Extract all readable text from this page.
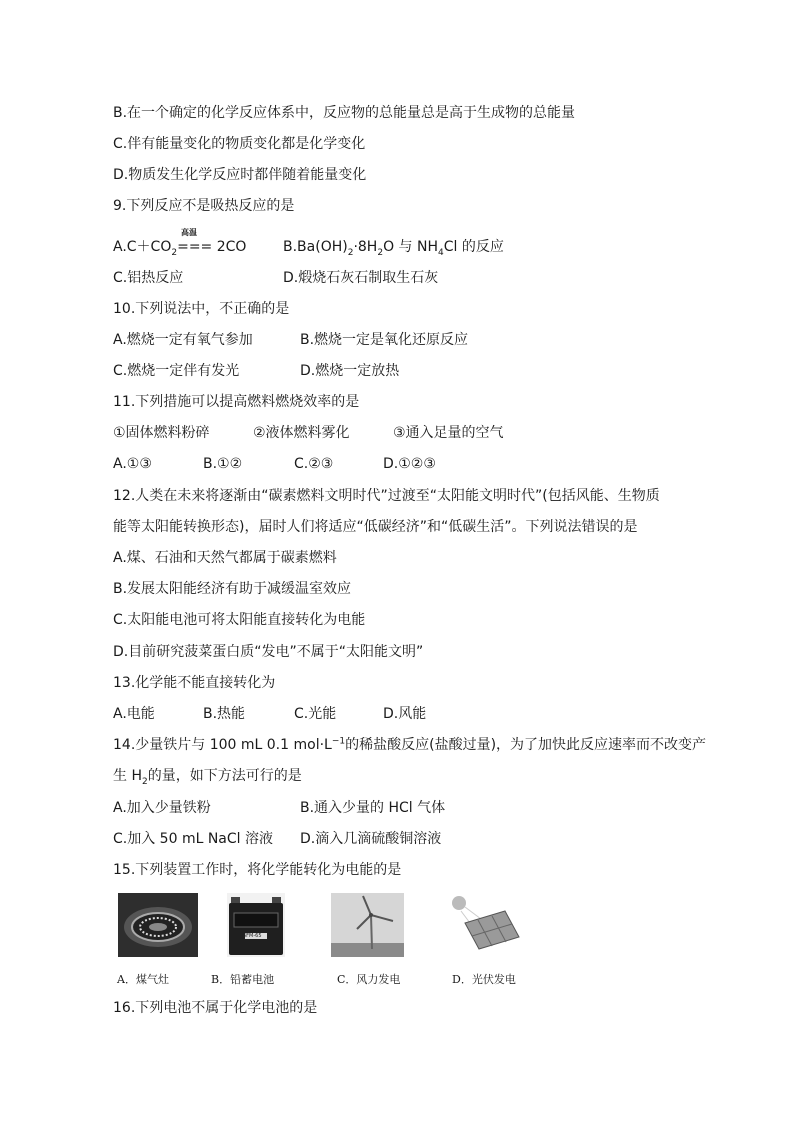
B.在一个确定的化学反应体系中，反应物的总能量总是高于生成物的总能量
C.伴有能量变化的物质变化都是化学变化
D.物质发生化学反应时都伴随着能量变化
9.下列反应不是吸热反应的是
$A.C+CO_2=== 2CO$
高温
$B.Ba(OH)_2\cdot 8H_2O$ 与 $NH_4Cl$ 的反应
C.铝热反应	D.煅烧石灰石制取生石灰
10.下列说法中，不正确的是
A.燃烧一定有氧气参加	B.燃烧一定是氧化还原反应
C.燃烧一定伴有发光	D.燃烧一定放热
11.下列措施可以提高燃料燃烧效率的是
①固体燃料粉碎	②液体燃料雾化	③通入足量的空气
A.①③	B.①②	C.②③	D.①②③
12.人类在未来将逐渐由“碳素燃料文明时代”过渡至“太阳能文明时代”(包括风能、生物质
能等太阳能转换形态)，届时人们将适应“低碳经济”和“低碳生活”。下列说法错误的是
A.煤、石油和天然气都属于碳素燃料
B.发展太阳能经济有助于减缓温室效应
C.太阳能电池可将太阳能直接转化为电能
D.目前研究菠菜蛋白质“发电”不属于“太阳能文明”
13.化学能不能直接转化为
A.电能	B.热能	C.光能	D.风能
14.少量铁片与 100 mL 0.1 $mol\cdot L^{-1}$的稀盐酸反应(盐酸过量)，为了加快此反应速率而不改变产
生 $H_2$的量，如下方法可行的是
A.加入少量铁粉	B.通入少量的 HCl 气体
C.加入 50 mL NaCl 溶液 D.滴入几滴硫酸铜溶液
15.下列装置工作时，将化学能转化为电能的是
6FM-65
A．煤气灶	B．铅蓄电池	C．风力发电	D．光伏发电
16.下列电池不属于化学电池的是
